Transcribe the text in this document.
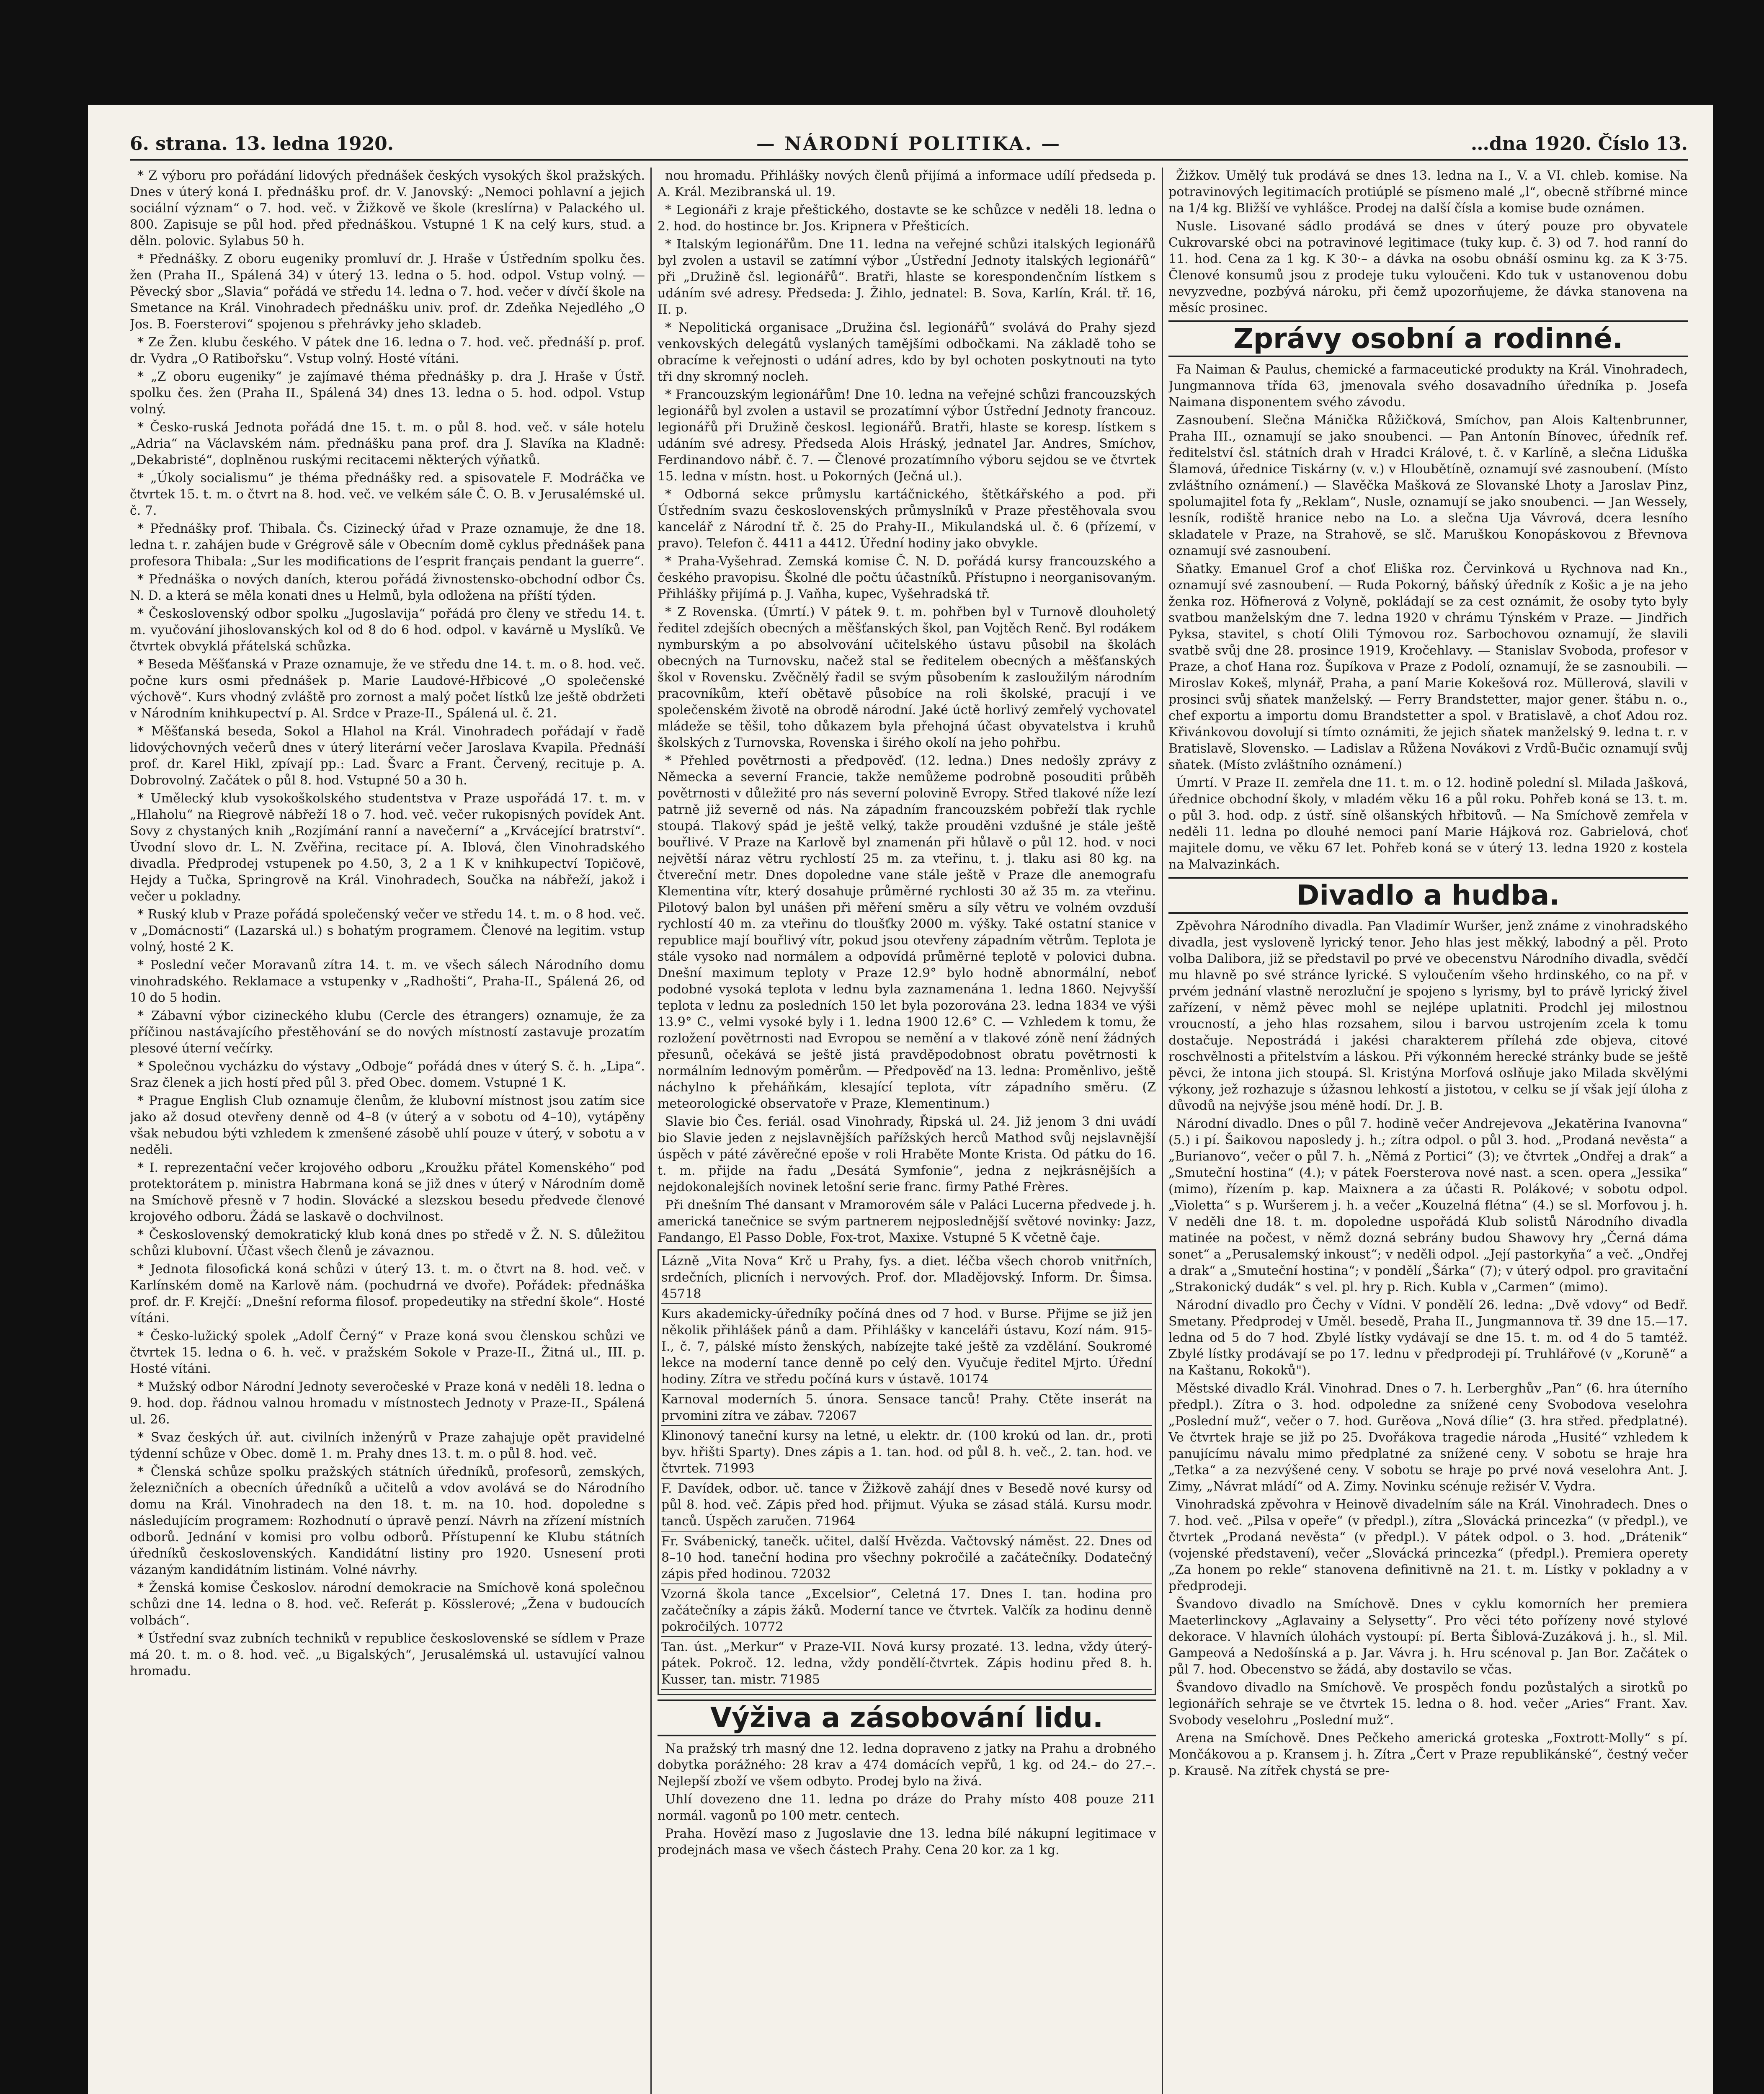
6. strana. 13. ledna 1920.	— NÁRODNÍ POLITIKA. —	…dna 1920. Číslo 13.

* Z výboru pro pořádání lidových přednášek českých vysokých škol pražských. Dnes v úterý koná I. přednášku prof. dr. V. Janovský: „Nemoci pohlavní a jejich sociální význam“ o 7. hod. več. v Žižkově ve škole (kreslírna) v Palackého ul. 800. Zapisuje se půl hod. před přednáškou. Vstupné 1 K na celý kurs, stud. a děln. polovic. Sylabus 50 h.

* Přednášky. Z oboru eugeniky promluví dr. J. Hraše v Ústředním spolku čes. žen (Praha II., Spálená 34) v úterý 13. ledna o 5. hod. odpol. Vstup volný. — Pěvecký sbor „Slavia“ pořádá ve středu 14. ledna o 7. hod. večer v dívčí škole na Smetance na Král. Vinohradech přednášku univ. prof. dr. Zdeňka Nejedlého „O Jos. B. Foersterovi“ spojenou s přehrávky jeho skladeb.

* Ze Žen. klubu českého. V pátek dne 16. ledna o 7. hod. več. přednáší p. prof. dr. Vydra „O Ratibořsku“. Vstup volný. Hosté vítáni.

* „Z oboru eugeniky“ je zajímavé théma přednášky p. dra J. Hraše v Ústř. spolku čes. žen (Praha II., Spálená 34) dnes 13. ledna o 5. hod. odpol. Vstup volný.

* Česko-ruská Jednota pořádá dne 15. t. m. o půl 8. hod. več. v sále hotelu „Adria“ na Václavském nám. přednášku pana prof. dra J. Slavíka na Kladně: „Dekabristé“, doplněnou ruskými recitacemi některých výňatků.

* „Úkoly socialismu“ je théma přednášky red. a spisovatele F. Modráčka ve čtvrtek 15. t. m. o čtvrt na 8. hod. več. ve velkém sále Č. O. B. v Jerusalémské ul. č. 7.

* Přednášky prof. Thibala. Čs. Cizinecký úřad v Praze oznamuje, že dne 18. ledna t. r. zahájen bude v Grégrově sále v Obecním domě cyklus přednášek pana profesora Thibala: „Sur les modifications de l’esprit français pendant la guerre“.

* Přednáška o nových daních, kterou pořádá živnostensko-obchodní odbor Čs. N. D. a která se měla konati dnes u Helmů, byla odložena na příští týden.

* Československý odbor spolku „Jugoslavija“ pořádá pro členy ve středu 14. t. m. vyučování jihoslovanských kol od 8 do 6 hod. odpol. v kavárně u Myslíků. Ve čtvrtek obvyklá přátelská schůzka.

* Beseda Měšťanská v Praze oznamuje, že ve středu dne 14. t. m. o 8. hod. več. počne kurs osmi přednášek p. Marie Laudové-Hřbicové „O společenské výchově“. Kurs vhodný zvláště pro zornost a malý počet lístků lze ještě obdržeti v Národním knihkupectví p. Al. Srdce v Praze-II., Spálená ul. č. 21.

* Měšťanská beseda, Sokol a Hlahol na Král. Vinohradech pořádají v řadě lidovýchovných večerů dnes v úterý literární večer Jaroslava Kvapila. Přednáší prof. dr. Karel Hikl, zpívají pp.: Lad. Švarc a Frant. Červený, recituje p. A. Dobrovolný. Začátek o půl 8. hod. Vstupné 50 a 30 h.

* Umělecký klub vysokoškolského studentstva v Praze uspořádá 17. t. m. v „Hlaholu“ na Riegrově nábřeží 18 o 7. hod. več. večer rukopisných povídek Ant. Sovy z chystaných knih „Rozjímání ranní a navečerní“ a „Krvácející bratrství“. Úvodní slovo dr. L. N. Zvěřina, recitace pí. A. Iblová, člen Vinohradského divadla. Předprodej vstupenek po 4.50, 3, 2 a 1 K v knihkupectví Topičově, Hejdy a Tučka, Springrově na Král. Vinohradech, Součka na nábřeží, jakož i večer u pokladny.

* Ruský klub v Praze pořádá společenský večer ve středu 14. t. m. o 8 hod. več. v „Domácnosti“ (Lazarská ul.) s bohatým programem. Členové na legitim. vstup volný, hosté 2 K.

* Poslední večer Moravanů zítra 14. t. m. ve všech sálech Národního domu vinohradského. Reklamace a vstupenky v „Radhošti“, Praha-II., Spálená 26, od 10 do 5 hodin.

* Zábavní výbor cizineckého klubu (Cercle des étrangers) oznamuje, že za příčinou nastávajícího přestěhování se do nových místností zastavuje prozatím plesové úterní večírky.

* Společnou vycházku do výstavy „Odboje“ pořádá dnes v úterý S. č. h. „Lipa“. Sraz členek a jich hostí před půl 3. před Obec. domem. Vstupné 1 K.

* Prague English Club oznamuje členům, že klubovní místnost jsou zatím sice jako až dosud otevřeny denně od 4–8 (v úterý a v sobotu od 4–10), vytápěny však nebudou býti vzhledem k zmenšené zásobě uhlí pouze v úterý, v sobotu a v neděli.

* I. reprezentační večer krojového odboru „Kroužku přátel Komenského“ pod protektorátem p. ministra Habrmana koná se již dnes v úterý v Národním domě na Smíchově přesně v 7 hodin. Slovácké a slezskou besedu předvede členové krojového odboru. Žádá se laskavě o dochvilnost.

* Československý demokratický klub koná dnes po středě v Ž. N. S. důležitou schůzi klubovní. Účast všech členů je závaznou.

* Jednota filosofická koná schůzi v úterý 13. t. m. o čtvrt na 8. hod. več. v Karlínském domě na Karlově nám. (pochudrná ve dvoře). Pořádek: přednáška prof. dr. F. Krejčí: „Dnešní reforma filosof. propedeutiky na střední škole“. Hosté vítáni.

* Česko-lužický spolek „Adolf Černý“ v Praze koná svou členskou schůzi ve čtvrtek 15. ledna o 6. h. več. v pražském Sokole v Praze-II., Žitná ul., III. p. Hosté vítáni.

* Mužský odbor Národní Jednoty severočeské v Praze koná v neděli 18. ledna o 9. hod. dop. řádnou valnou hromadu v místnostech Jednoty v Praze-II., Spálená ul. 26.

* Svaz českých úř. aut. civilních inženýrů v Praze zahajuje opět pravidelné týdenní schůze v Obec. domě 1. m. Prahy dnes 13. t. m. o půl 8. hod. več.

* Členská schůze spolku pražských státních úředníků, profesorů, zemských, železničních a obecních úředníků a učitelů a vdov avolává se do Národního domu na Král. Vinohradech na den 18. t. m. na 10. hod. dopoledne s následujícím programem: Rozhodnutí o úpravě penzí. Návrh na zřízení místních odborů. Jednání v komisi pro volbu odborů. Přístupenní ke Klubu státních úředníků československých. Kandidátní listiny pro 1920. Usnesení proti vázaným kandidátním listinám. Volné návrhy.

* Ženská komise Českoslov. národní demokracie na Smíchově koná společnou schůzi dne 14. ledna o 8. hod. več. Referát p. Kösslerové; „Žena v budoucích volbách“.

* Ústřední svaz zubních techniků v republice československé se sídlem v Praze má 20. t. m. o 8. hod. več. „u Bigalských“, Jerusalémská ul. ustavující valnou hromadu.

nou hromadu. Přihlášky nových členů přijímá a informace udílí předseda p. A. Král. Mezibranská ul. 19.

* Legionáři z kraje přeštického, dostavte se ke schůzce v neděli 18. ledna o 2. hod. do hostince br. Jos. Kripnera v Přešticích.

* Italským legionářům. Dne 11. ledna na veřejné schůzi italských legionářů byl zvolen a ustavil se zatímní výbor „Ústřední Jednoty italských legionářů“ při „Družině čsl. legionářů“. Bratři, hlaste se korespondenčním lístkem s udáním své adresy. Předseda: J. Žihlo, jednatel: B. Sova, Karlín, Král. tř. 16, II. p.

* Nepolitická organisace „Družina čsl. legionářů“ svolává do Prahy sjezd venkovských delegátů vyslaných tamějšími odbočkami. Na základě toho se obracíme k veřejnosti o udání adres, kdo by byl ochoten poskytnouti na tyto tři dny skromný nocleh.

* Francouzským legionářům! Dne 10. ledna na veřejné schůzi francouzských legionářů byl zvolen a ustavil se prozatímní výbor Ústřední Jednoty francouz. legionářů při Družině českosl. legionářů. Bratři, hlaste se koresp. lístkem s udáním své adresy. Předseda Alois Hráský, jednatel Jar. Andres, Smíchov, Ferdinandovo nábř. č. 7. — Členové prozatímního výboru sejdou se ve čtvrtek 15. ledna v místn. host. u Pokorných (Ječná ul.).

* Odborná sekce průmyslu kartáčnického, štětkářského a pod. při Ústředním svazu československých průmyslníků v Praze přestěhovala svou kancelář z Národní tř. č. 25 do Prahy-II., Mikulandská ul. č. 6 (přízemí, v pravo). Telefon č. 4411 a 4412. Úřední hodiny jako obvykle.

* Praha-Vyšehrad. Zemská komise Č. N. D. pořádá kursy francouzského a českého pravopisu. Školné dle počtu účastníků. Přístupno i neorganisovaným. Přihlášky přijímá p. J. Vaňha, kupec, Vyšehradská tř.

* Z Rovenska. (Úmrtí.) V pátek 9. t. m. pohřben byl v Turnově dlouholetý ředitel zdejších obecných a měšťanských škol, pan Vojtěch Renč. Byl rodákem nymburským a po absolvování učitelského ústavu působil na školách obecných na Turnovsku, načež stal se ředitelem obecných a měšťanských škol v Rovensku. Zvěčnělý řadil se svým působením k zasloužilým národním pracovníkům, kteří obětavě působíce na roli školské, pracují i ve společenském životě na obrodě národní. Jaké úctě horlivý zemřelý vychovatel mládeže se těšil, toho důkazem byla přehojná účast obyvatelstva i kruhů školských z Turnovska, Rovenska i širého okolí na jeho pohřbu.

* Přehled povětrnosti a předpověď. (12. ledna.) Dnes nedošly zprávy z Německa a severní Francie, takže nemůžeme podrobně posouditi průběh povětrnosti v důležité pro nás severní polovině Evropy. Střed tlakové níže lezí patrně již severně od nás. Na západním francouzském pobřeží tlak rychle stoupá. Tlakový spád je ještě velký, takže prouděni vzdušné je stále ještě bouřlivé. V Praze na Karlově byl znamenán při hůlavě o půl 12. hod. v noci největší náraz větru rychlostí 25 m. za vteřinu, t. j. tlaku asi 80 kg. na čtvereční metr. Dnes dopoledne vane stále ještě v Praze dle anemografu Klementina vítr, který dosahuje průměrné rychlosti 30 až 35 m. za vteřinu. Pilotový balon byl unášen při měření směru a síly větru ve volném ovzduší rychlostí 40 m. za vteřinu do tloušťky 2000 m. výšky. Také ostatní stanice v republice mají bouřlivý vítr, pokud jsou otevřeny západním větrům. Teplota je stále vysoko nad normálem a odpovídá průměrné teplotě v polovici dubna. Dnešní maximum teploty v Praze 12.9° bylo hodně abnormální, neboť podobné vysoká teplota v lednu byla zaznamenána 1. ledna 1860. Nejvyšší teplota v lednu za posledních 150 let byla pozorována 23. ledna 1834 ve výši 13.9° C., velmi vysoké byly i 1. ledna 1900 12.6° C. — Vzhledem k tomu, že rozložení povětrnosti nad Evropou se nemění a v tlakové zóně není žádných přesunů, očekává se ještě jistá pravděpodobnost obratu povětrnosti k normálním lednovým poměrům. — Předpověď na 13. ledna: Proměnlivo, ještě náchylno k přeháňkám, klesající teplota, vítr západního směru. (Z meteorologické observatoře v Praze, Klementinum.)

Slavie bio Čes. feriál. osad Vinohrady, Řipská ul. 24. Již jenom 3 dni uvádí bio Slavie jeden z nejslavnějších pařížských herců Mathod svůj nejslavnější úspěch v páté závěrečné epoše v roli Hraběte Monte Krista. Od pátku do 16. t. m. přijde na řadu „Desátá Symfonie“, jedna z nejkrásnějších a nejdokonalejších novinek letošní serie franc. firmy Pathé Frères.

Při dnešním Thé dansant v Mramorovém sále v Paláci Lucerna předvede j. h. americká tanečnice se svým partnerem nejposlednější světové novinky: Jazz, Fandango, El Passo Doble, Fox-trot, Maxixe. Vstupné 5 K včetně čaje.

Lázně „Vita Nova“ Krč u Prahy, fys. a diet. léčba všech chorob vnitřních, srdečních, plicních i nervových. Prof. dor. Mladějovský. Inform. Dr. Šimsa. 45718

Kurs akademicky-úředníky počíná dnes od 7 hod. v Burse. Přijme se již jen několik přihlášek pánů a dam. Přihlášky v kanceláři ústavu, Kozí nám. 915-I., č. 7, pálské místo ženských, nabízejte také ještě za vzdělání. Soukromé lekce na moderní tance denně po celý den. Vyučuje ředitel Mjrto. Úřední hodiny. Zítra ve středu počíná kurs v ústavě. 10174

Karnoval moderních 5. února. Sensace tanců! Prahy. Ctěte inserát na prvomini zítra ve zábav. 72067

Klinonový taneční kursy na letné, u elektr. dr. (100 krokú od lan. dr., proti byv. hřišti Sparty). Dnes zápis a 1. tan. hod. od půl 8. h. več., 2. tan. hod. ve čtvrtek. 71993

F. Davídek, odbor. uč. tance v Žižkově zahájí dnes v Besedě nové kursy od půl 8. hod. več. Zápis před hod. přijmut. Výuka se zásad stálá. Kursu modr. tanců. Úspěch zaručen. 71964

Fr. Svábenický, tanečk. učitel, další Hvězda. Vačtovský náměst. 22. Dnes od 8–10 hod. taneční hodina pro všechny pokročilé a začátečníky. Dodatečný zápis před hodinou. 72032

Vzorná škola tance „Excelsior“, Celetná 17. Dnes I. tan. hodina pro začátečníky a zápis žáků. Moderní tance ve čtvrtek. Valčík za hodinu denně pokročilých. 10772

Tan. úst. „Merkur“ v Praze-VII. Nová kursy prozaté. 13. ledna, vždy úterý-pátek. Pokroč. 12. ledna, vždy pondělí-čtvrtek. Zápis hodinu před 8. h. Kusser, tan. mistr. 71985

Výživa a zásobování lidu.

Na pražský trh masný dne 12. ledna dopraveno z jatky na Prahu a drobného dobytka porážného: 28 krav a 474 domácích vepřů, 1 kg. od 24.– do 27.–. Nejlepší zboží ve všem odbyto. Prodej bylo na živá.

Uhlí dovezeno dne 11. ledna po dráze do Prahy místo 408 pouze 211 normál. vagonů po 100 metr. centech.

Praha. Hovězí maso z Jugoslavie dne 13. ledna bílé nákupní legitimace v prodejnách masa ve všech částech Prahy. Cena 20 kor. za 1 kg.

Žižkov. Umělý tuk prodává se dnes 13. ledna na I., V. a VI. chleb. komise. Na potravinových legitimacích protiúplé se písmeno malé „l“, obecně stříbrné mince na 1/4 kg. Bližší ve vyhlášce. Prodej na další čísla a komise bude oznámen.

Nusle. Lisované sádlo prodává se dnes v úterý pouze pro obyvatele Cukrovarské obci na potravinové legitimace (tuky kup. č. 3) od 7. hod ranní do 11. hod. Cena za 1 kg. K 30·– a dávka na osobu obnáší osminu kg. za K 3·75. Členové konsumů jsou z prodeje tuku vyloučeni. Kdo tuk v ustanovenou dobu nevyzvedne, pozbývá nároku, při čemž upozorňujeme, že dávka stanovena na měsíc prosinec.

Zprávy osobní a rodinné.

Fa Naiman & Paulus, chemické a farmaceutické produkty na Král. Vinohradech, Jungmannova třída 63, jmenovala svého dosavadního úředníka p. Josefa Naimana disponentem svého závodu.

Zasnoubení. Slečna Mánička Růžičková, Smíchov, pan Alois Kaltenbrunner, Praha III., oznamují se jako snoubenci. — Pan Antonín Bínovec, úředník ref. ředitelství čsl. státních drah v Hradci Králové, t. č. v Karlíně, a slečna Liduška Šlamová, úřednice Tiskárny (v. v.) v Hloubětíně, oznamují své zasnoubení. (Místo zvláštního oznámení.) — Slavěčka Mašková ze Slovanské Lhoty a Jaroslav Pinz, spolumajitel fota fy „Reklam“, Nusle, oznamují se jako snoubenci. — Jan Wessely, lesník, rodiště hranice nebo na Lo. a slečna Uja Vávrová, dcera lesního skladatele v Praze, na Strahově, se slč. Maruškou Konopáskovou z Břevnova oznamují své zasnoubení.

Sňatky. Emanuel Grof a choť Eliška roz. Červinková u Rychnova nad Kn., oznamují své zasnoubení. — Ruda Pokorný, báňský úředník z Košic a je na jeho ženka roz. Höfnerová z Volyně, pokládají se za cest oznámit, že osoby tyto byly svatbou manželským dne 7. ledna 1920 v chrámu Týnském v Praze. — Jindřich Pyksa, stavitel, s chotí Olili Týmovou roz. Sarbochovou oznamují, že slavili svatbě svůj dne 28. prosince 1919, Kročehlavy. — Stanislav Svoboda, profesor v Praze, a choť Hana roz. Šupíkova v Praze z Podolí, oznamují, že se zasnoubili. — Miroslav Kokeš, mlynář, Praha, a paní Marie Kokešová roz. Müllerová, slavili v prosinci svůj sňatek manželský. — Ferry Brandstetter, major gener. štábu n. o., chef exportu a importu domu Brandstetter a spol. v Bratislavě, a choť Adou roz. Křivánkovou dovolují si tímto oznámiti, že jejich sňatek manželský 9. ledna t. r. v Bratislavě, Slovensko. — Ladislav a Růžena Novákovi z Vrdů-Bučic oznamují svůj sňatek. (Místo zvláštního oznámení.)

Úmrtí. V Praze II. zemřela dne 11. t. m. o 12. hodině polední sl. Milada Jašková, úřednice obchodní školy, v mladém věku 16 a půl roku. Pohřeb koná se 13. t. m. o půl 3. hod. odp. z ústř. síně olšanských hřbitovů. — Na Smíchově zemřela v neděli 11. ledna po dlouhé nemoci paní Marie Hájková roz. Gabrielová, choť majitele domu, ve věku 67 let. Pohřeb koná se v úterý 13. ledna 1920 z kostela na Malvazinkách.

Divadlo a hudba.

Zpěvohra Národního divadla. Pan Vladimír Wuršer, jenž známe z vinohradského divadla, jest vysloveně lyrický tenor. Jeho hlas jest měkký, labodný a pěl. Proto volba Dalibora, již se představil po prvé ve obecenstvu Národního divadla, svědčí mu hlavně po své stránce lyrické. S vyloučením všeho hrdinského, co na př. v prvém jednání vlastně nerozluční je spojeno s lyrismy, byl to právě lyrický živel zařízení, v němž pěvec mohl se nejlépe uplatniti. Prodchl jej milostnou vroucností, a jeho hlas rozsahem, silou i barvou ustrojením zcela k tomu dostačuje. Nepostrádá i jakési charakterem přílehá zde objeva, citové roschvělnosti a přitelstvím a láskou. Při výkonném herecké stránky bude se ještě pěvci, že intona jich stoupá. Sl. Kristýna Morfová oslňuje jako Milada skvělými výkony, jež rozhazuje s úžasnou lehkostí a jistotou, v celku se jí však její úloha z důvodů na nejvýše jsou méně hodí. Dr. J. B.

Národní divadlo. Dnes o půl 7. hodině večer Andrejevova „Jekatěrina Ivanovna“ (5.) i pí. Šaikovou naposledy j. h.; zítra odpol. o půl 3. hod. „Prodaná nevěsta“ a „Burianovo“, večer o půl 7. h. „Němá z Portici“ (3); ve čtvrtek „Ondřej a drak“ a „Smuteční hostina“ (4.); v pátek Foersterova nové nast. a scen. opera „Jessika“ (mimo), řízením p. kap. Maixnera a za účasti R. Polákové; v sobotu odpol. „Violetta“ s p. Wuršerem j. h. a večer „Kouzelná flétna“ (4.) se sl. Morfovou j. h. V neděli dne 18. t. m. dopoledne uspořádá Klub solistů Národního divadla matinée na počest, v němž dozná sebrány budou Shawovy hry „Černá dáma sonet“ a „Perusalemský inkoust“; v neděli odpol. „Její pastorkyňa“ a več. „Ondřej a drak“ a „Smuteční hostina“; v pondělí „Šárka“ (7); v úterý odpol. pro gravitační „Strakonický dudák“ s vel. pl. hry p. Rich. Kubla v „Carmen“ (mimo).

Národní divadlo pro Čechy v Vídni. V pondělí 26. ledna: „Dvě vdovy“ od Bedř. Smetany. Předprodej v Uměl. besedě, Praha II., Jungmannova tř. 39 dne 15.—17. ledna od 5 do 7 hod. Zbylé lístky vydávají se dne 15. t. m. od 4 do 5 tamtéž. Zbylé lístky prodávají se po 17. lednu v předprodeji pí. Truhlářové (v „Koruně“ a na Kaštanu, Rokoků").

Městské divadlo Král. Vinohrad. Dnes o 7. h. Lerberghův „Pan“ (6. hra úterního předpl.). Zítra o 3. hod. odpoledne za snížené ceny Svobodova veselohra „Poslední muž“, večer o 7. hod. Gurěova „Nová dílie“ (3. hra střed. předplatné). Ve čtvrtek hraje se již po 25. Dvořákova tragedie národa „Husité“ vzhledem k panujícímu návalu mimo předplatné za snížené ceny. V sobotu se hraje hra „Tetka“ a za nezvýšené ceny. V sobotu se hraje po prvé nová veselohra Ant. J. Zimy, „Návrat mládí“ od A. Zimy. Novinku scénuje režisér V. Vydra.

Vinohradská zpěvohra v Heinově divadelním sále na Král. Vinohradech. Dnes o 7. hod. več. „Pilsa v opeře“ (v předpl.), zítra „Slovácká princezka“ (v předpl.), ve čtvrtek „Prodaná nevěsta“ (v předpl.). V pátek odpol. o 3. hod. „Drátenik“ (vojenské představení), večer „Slovácká princezka“ (předpl.). Premiera operety „Za honem po rekle“ stanovena definitivně na 21. t. m. Lístky v pokladny a v předprodeji.

Švandovo divadlo na Smíchově. Dnes v cyklu komorních her premiera Maeterlinckovy „Aglavainy a Selysetty“. Pro věci této pořízeny nové stylové dekorace. V hlavních úlohách vystoupí: pí. Berta Šiblová-Zuzáková j. h., sl. Mil. Gampeová a Nedošínská a p. Jar. Vávra j. h. Hru scénoval p. Jan Bor. Začátek o půl 7. hod. Obecenstvo se žádá, aby dostavilo se včas.

Švandovo divadlo na Smíchově. Ve prospěch fondu pozůstalých a sirotků po legionářích sehraje se ve čtvrtek 15. ledna o 8. hod. večer „Aries“ Frant. Xav. Svobody veselohru „Poslední muž“.

Arena na Smíchově. Dnes Pečkeho americká groteska „Foxtrott-Molly“ s pí. Mončákovou a p. Kransem j. h. Zítra „Čert v Praze republikánské“, čestný večer p. Krausě. Na zítřek chystá se pre-
